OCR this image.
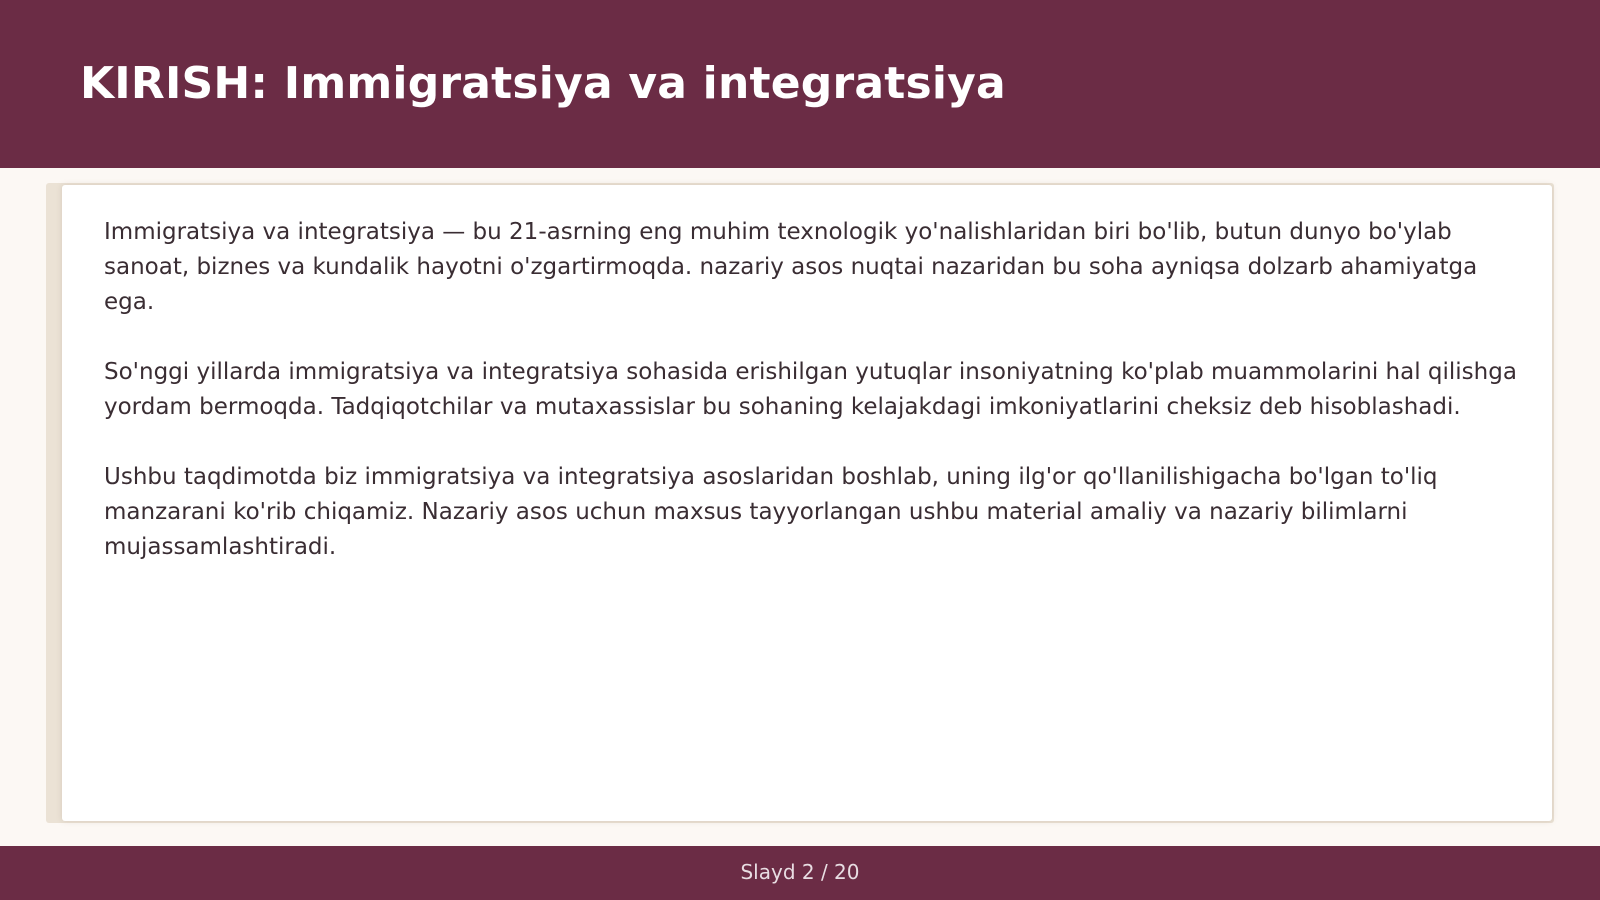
KIRISH: Immigratsiya va integratsiya

Immigratsiya va integratsiya — bu 21-asrning eng muhim texnologik yo'nalishlaridan biri bo'lib, butun dunyo bo'ylab sanoat, biznes va kundalik hayotni o'zgartirmoqda. nazariy asos nuqtai nazaridan bu soha ayniqsa dolzarb ahamiyatga ega.

So'nggi yillarda immigratsiya va integratsiya sohasida erishilgan yutuqlar insoniyatning ko'plab muammolarini hal qilishga yordam bermoqda. Tadqiqotchilar va mutaxassislar bu sohaning kelajakdagi imkoniyatlarini cheksiz deb hisoblashadi.

Ushbu taqdimotda biz immigratsiya va integratsiya asoslaridan boshlab, uning ilg'or qo'llanilishigacha bo'lgan to'liq manzarani ko'rib chiqamiz. Nazariy asos uchun maxsus tayyorlangan ushbu material amaliy va nazariy bilimlarni mujassamlashtiradi.

Slayd 2 / 20
